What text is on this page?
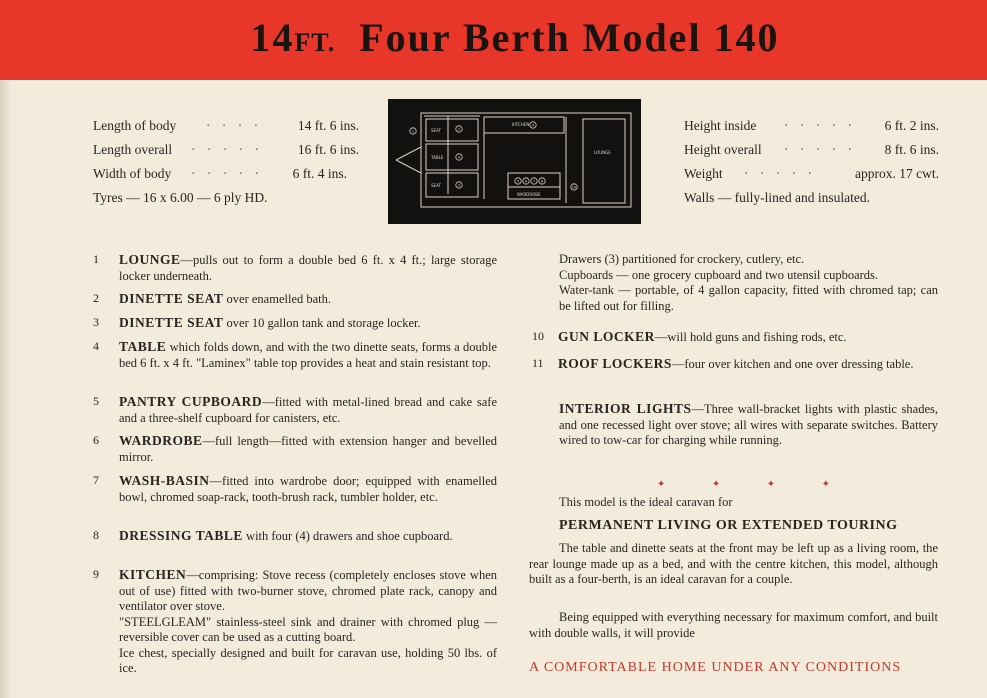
14FT. Four Berth Model 140
Length of body · · · ·	14 ft. 6 ins.
Length overall · · · · ·	16 ft. 6 ins.
Width of body · · · · · 6 ft. 4 ins.
Tyres — 16 x 6.00 — 6 ply HD.
SEAT
TABLE
SEAT
KITCHEN
LOUNGE
WARDROBE
2
4
3
9
1
5 6 7 8
10
Height inside · · · · · 6 ft. 2 ins.
Height overall · · · · · 8 ft. 6 ins.
Weight · · · · ·	approx. 17 cwt.
Walls — fully-lined and insulated.
1	LOUNGE—pulls out to form a double bed 6 ft. x 4 ft.; large storage locker underneath.
2	DINETTE SEAT over enamelled bath.
3	DINETTE SEAT over 10 gallon tank and storage locker.
4	TABLE which folds down, and with the two dinette seats, forms a double bed 6 ft. x 4 ft. "Laminex" table top provides a heat and stain resistant top.
5	PANTRY CUPBOARD—fitted with metal-lined bread and cake safe and a three-shelf cupboard for canisters, etc.
6	WARDROBE—full length—fitted with extension hanger and bevelled mirror.
7	WASH-BASIN—fitted into wardrobe door; equipped with enamelled bowl, chromed soap-rack, tooth-brush rack, tumbler holder, etc.
8	DRESSING TABLE with four (4) drawers and shoe cupboard.
9	KITCHEN—comprising: Stove recess (completely encloses stove when out of use) fitted with two-burner stove, chromed plate rack, canopy and ventilator over stove.
"STEELGLEAM" stainless-steel sink and drainer with chromed plug — reversible cover can be used as a cutting board.
Ice chest, specially designed and built for caravan use, holding 50 lbs. of ice.
Drawers (3) partitioned for crockery, cutlery, etc.
Cupboards — one grocery cupboard and two utensil cupboards.
Water-tank — portable, of 4 gallon capacity, fitted with chromed tap; can be lifted out for filling.
10	GUN LOCKER—will hold guns and fishing rods, etc.
11	ROOF LOCKERS—four over kitchen and one over dressing table.
INTERIOR LIGHTS—Three wall-bracket lights with plastic shades, and one recessed light over stove; all wires with separate switches. Battery wired to tow-car for charging while running.
✦ ✦ ✦ ✦
This model is the ideal caravan for
PERMANENT LIVING OR EXTENDED TOURING
The table and dinette seats at the front may be left up as a living room, the rear lounge made up as a bed, and with the centre kitchen, this model, although built as a four-berth, is an ideal caravan for a couple.
Being equipped with everything necessary for maximum comfort, and built with double walls, it will provide
A COMFORTABLE HOME UNDER ANY CONDITIONS
